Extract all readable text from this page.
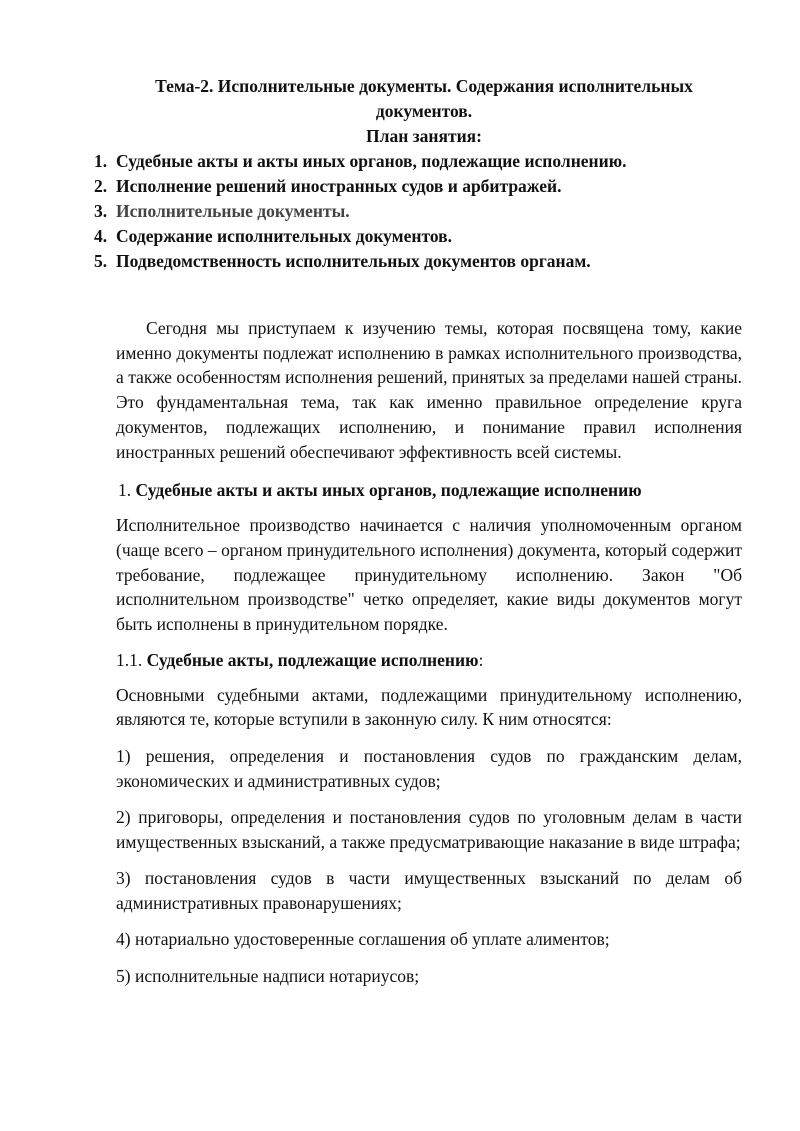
Тема-2. Исполнительные документы. Содержания исполнительных документов.
План занятия:
1. Судебные акты и акты иных органов, подлежащие исполнению.
2. Исполнение решений иностранных судов и арбитражей.
3. Исполнительные документы.
4. Содержание исполнительных документов.
5. Подведомственность исполнительных документов органам.

Сегодня мы приступаем к изучению темы, которая посвящена тому, какие именно документы подлежат исполнению в рамках исполнительного производства, а также особенностям исполнения решений, принятых за пределами нашей страны. Это фундаментальная тема, так как именно правильное определение круга документов, подлежащих исполнению, и понимание правил исполнения иностранных решений обеспечивают эффективность всей системы.

1. Судебные акты и акты иных органов, подлежащие исполнению

Исполнительное производство начинается с наличия уполномоченным органом (чаще всего – органом принудительного исполнения) документа, который содержит требование, подлежащее принудительному исполнению. Закон "Об исполнительном производстве" четко определяет, какие виды документов могут быть исполнены в принудительном порядке.

1.1. Судебные акты, подлежащие исполнению:

Основными судебными актами, подлежащими принудительному исполнению, являются те, которые вступили в законную силу. К ним относятся:

1) решения, определения и постановления судов по гражданским делам, экономических и административных судов;

2) приговоры, определения и постановления судов по уголовным делам в части имущественных взысканий, а также предусматривающие наказание в виде штрафа;

3) постановления судов в части имущественных взысканий по делам об административных правонарушениях;

4) нотариально удостоверенные соглашения об уплате алиментов;

5) исполнительные надписи нотариусов;
